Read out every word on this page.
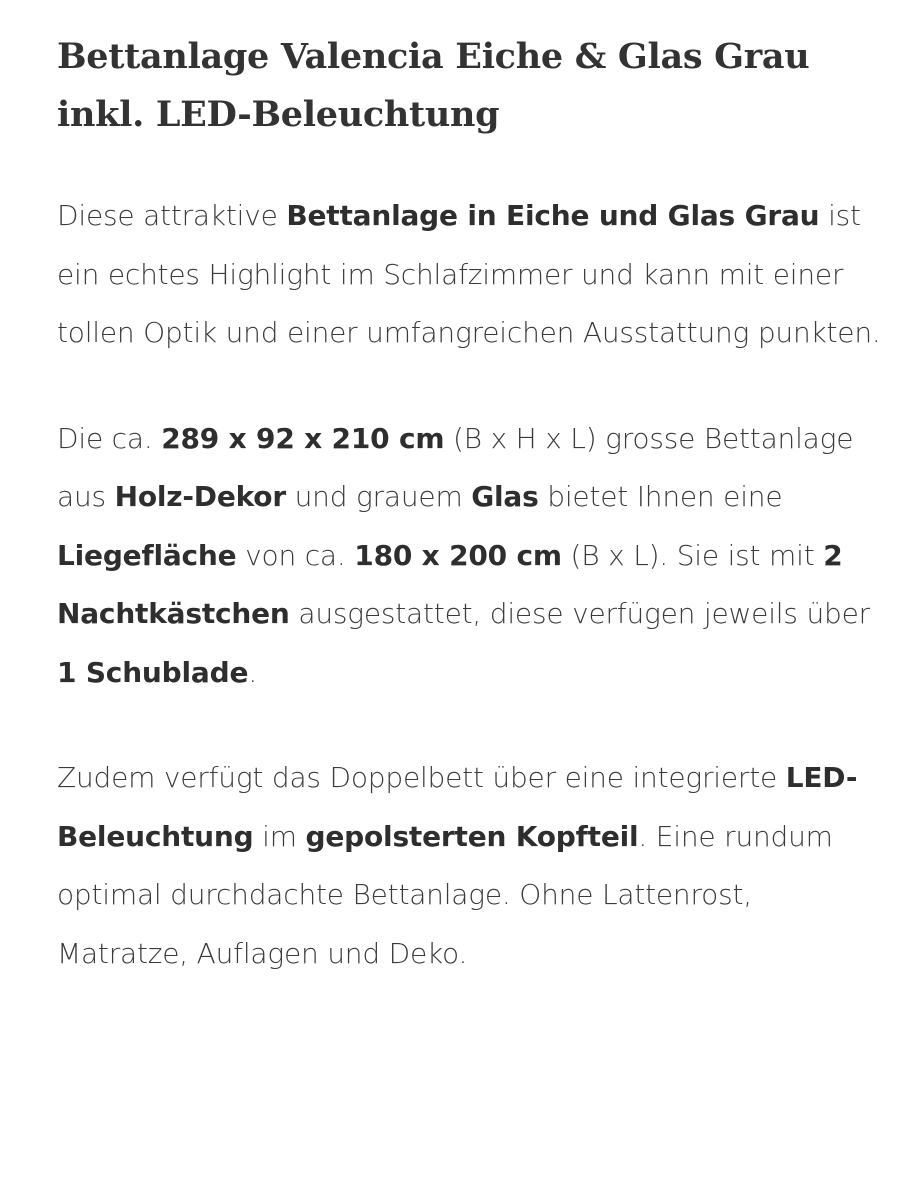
Bettanlage Valencia Eiche & Glas Grau inkl. LED-Beleuchtung

Diese attraktive Bettanlage in Eiche und Glas Grau ist ein echtes Highlight im Schlafzimmer und kann mit einer tollen Optik und einer umfangreichen Ausstattung punkten.

Die ca. 289 x 92 x 210 cm (B x H x L) grosse Bettanlage aus Holz-Dekor und grauem Glas bietet Ihnen eine Liegefläche von ca. 180 x 200 cm (B x L). Sie ist mit 2 Nachtkästchen ausgestattet, diese verfügen jeweils über 1 Schublade.

Zudem verfügt das Doppelbett über eine integrierte LED-Beleuchtung im gepolsterten Kopfteil. Eine rundum optimal durchdachte Bettanlage. Ohne Lattenrost, Matratze, Auflagen und Deko.
